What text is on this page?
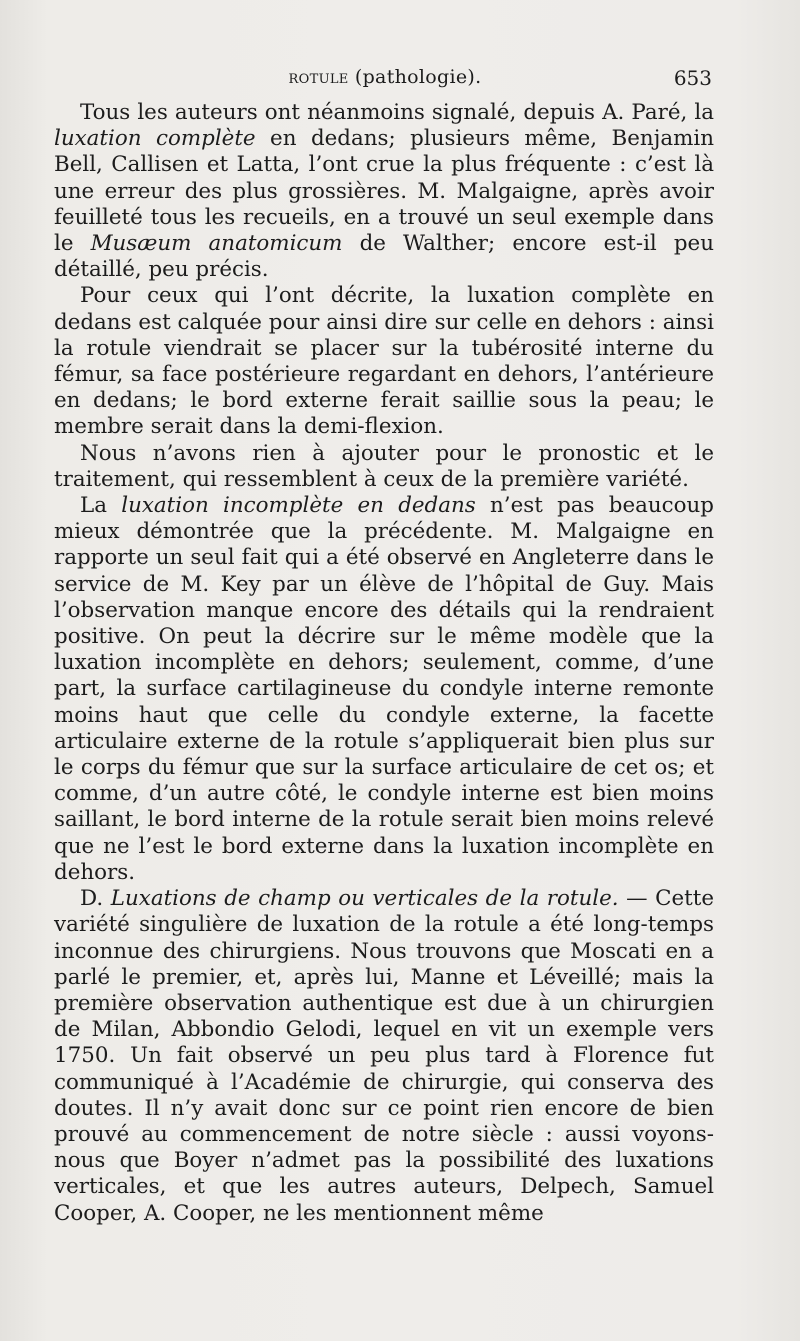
rotule (pathologie).	653

Tous les auteurs ont néanmoins signalé, depuis A. Paré, la luxation complète en dedans; plusieurs même, Benjamin Bell, Callisen et Latta, l’ont crue la plus fréquente : c’est là une erreur des plus grossières. M. Malgaigne, après avoir feuilleté tous les recueils, en a trouvé un seul exemple dans le Musæum anatomicum de Walther; encore est-il peu détaillé, peu précis.

Pour ceux qui l’ont décrite, la luxation complète en dedans est calquée pour ainsi dire sur celle en dehors : ainsi la rotule viendrait se placer sur la tubérosité interne du fémur, sa face postérieure regardant en dehors, l’antérieure en dedans; le bord externe ferait saillie sous la peau; le membre serait dans la demi-flexion.

Nous n’avons rien à ajouter pour le pronostic et le traitement, qui ressemblent à ceux de la première variété.

La luxation incomplète en dedans n’est pas beaucoup mieux démontrée que la précédente. M. Malgaigne en rapporte un seul fait qui a été observé en Angleterre dans le service de M. Key par un élève de l’hôpital de Guy. Mais l’observation manque encore des détails qui la rendraient positive. On peut la décrire sur le même modèle que la luxation incomplète en dehors; seulement, comme, d’une part, la surface cartilagineuse du condyle interne remonte moins haut que celle du condyle externe, la facette articulaire externe de la rotule s’appliquerait bien plus sur le corps du fémur que sur la surface articulaire de cet os; et comme, d’un autre côté, le condyle interne est bien moins saillant, le bord interne de la rotule serait bien moins relevé que ne l’est le bord externe dans la luxation incomplète en dehors.

D. Luxations de champ ou verticales de la rotule. — Cette variété singulière de luxation de la rotule a été long-temps inconnue des chirurgiens. Nous trouvons que Moscati en a parlé le premier, et, après lui, Manne et Léveillé; mais la première observation authentique est due à un chirurgien de Milan, Abbondio Gelodi, lequel en vit un exemple vers 1750. Un fait observé un peu plus tard à Florence fut communiqué à l’Académie de chirurgie, qui conserva des doutes. Il n’y avait donc sur ce point rien encore de bien prouvé au commencement de notre siècle : aussi voyons-nous que Boyer n’admet pas la possibilité des luxations verticales, et que les autres auteurs, Delpech, Samuel Cooper, A. Cooper, ne les mentionnent même
